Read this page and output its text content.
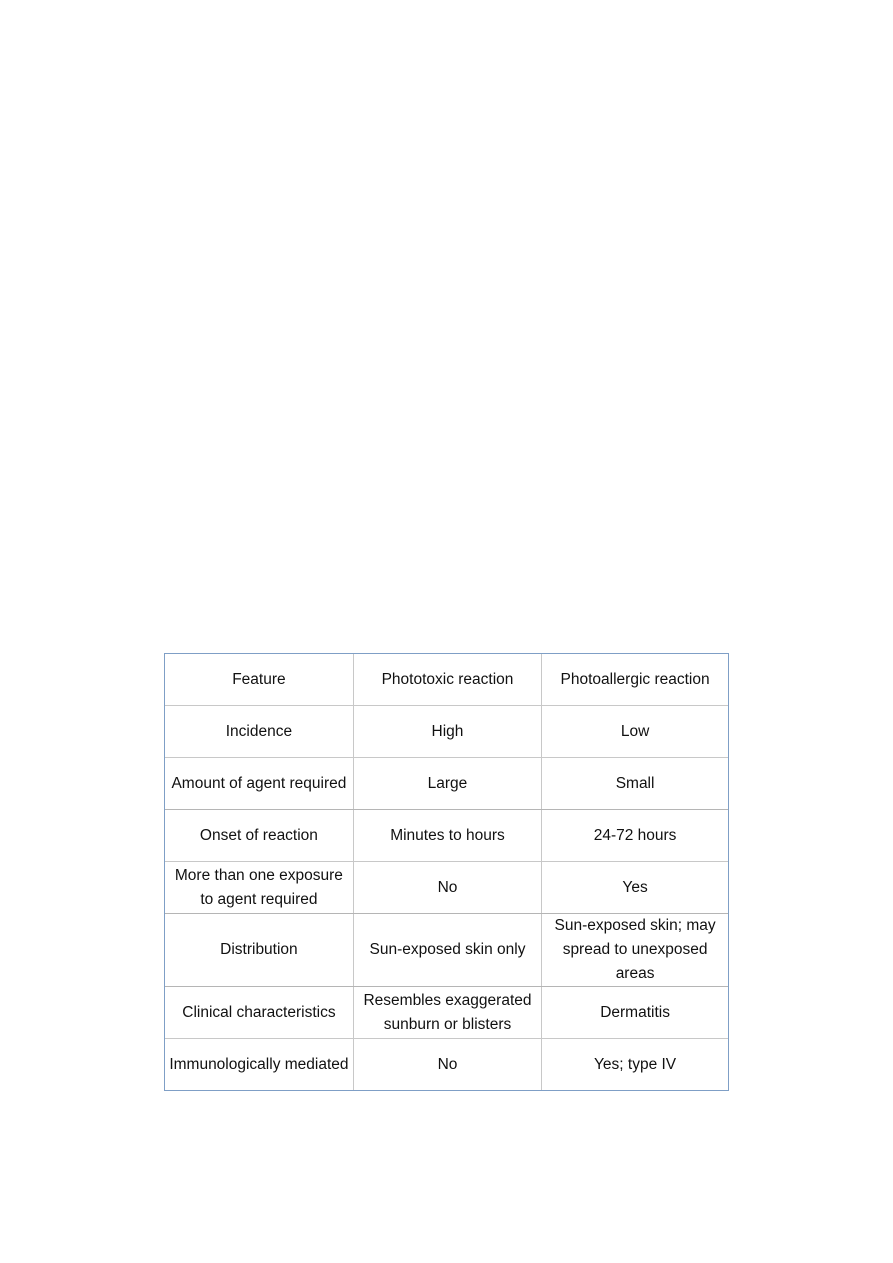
Feature	Phototoxic reaction	Photoallergic reaction
Incidence	High	Low
Amount of agent required	Large	Small
Onset of reaction	Minutes to hours	24-72 hours
More than one exposure to agent required	No	Yes
Distribution	Sun-exposed skin only	Sun-exposed skin; may spread to unexposed areas
Clinical characteristics	Resembles exaggerated sunburn or blisters	Dermatitis
Immunologically mediated	No	Yes; type IV
